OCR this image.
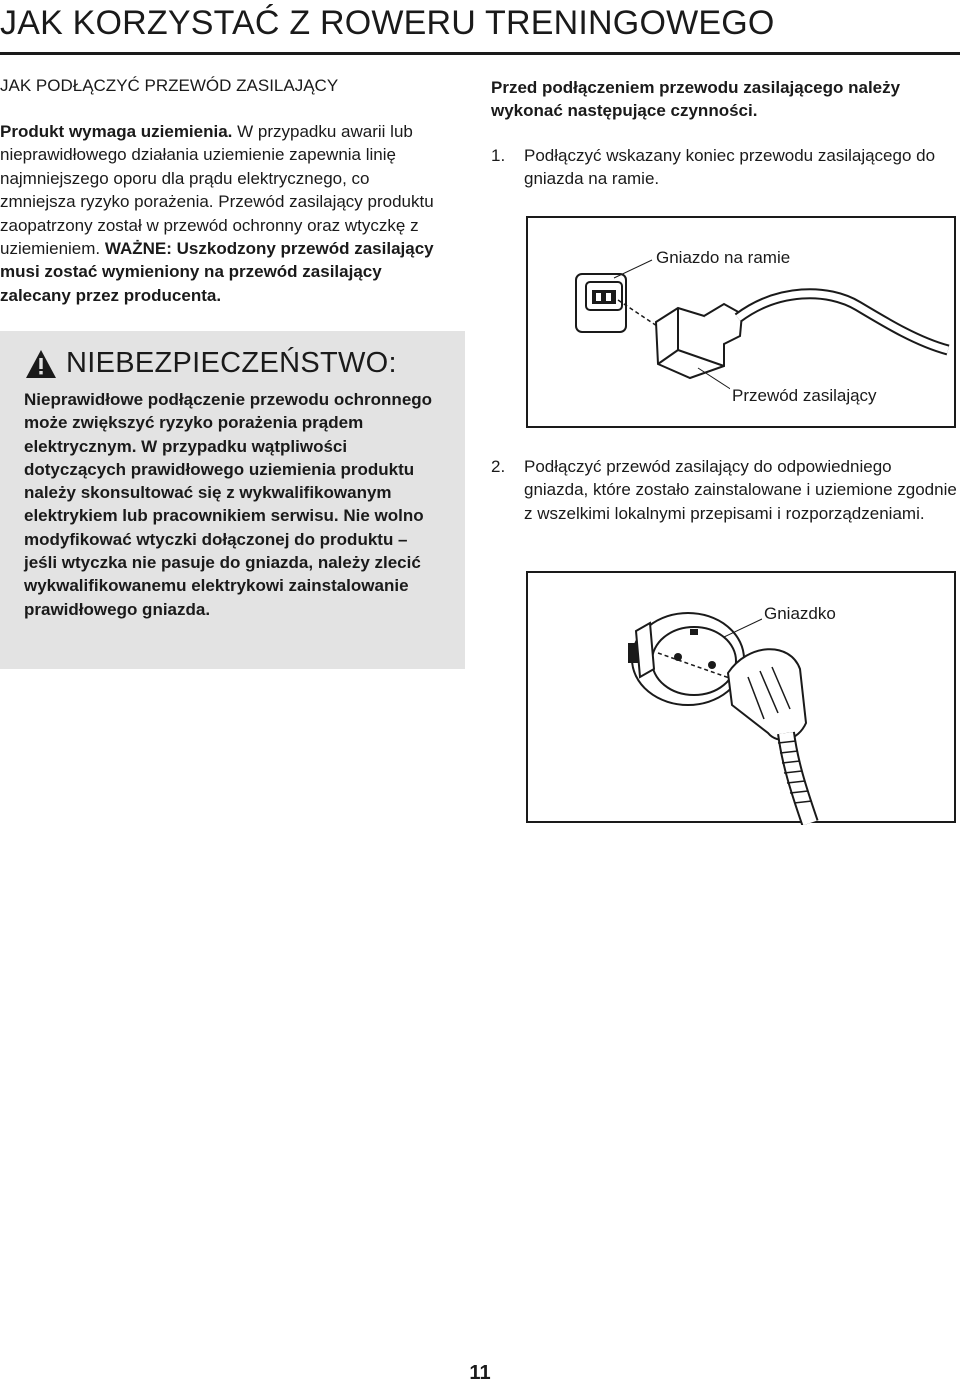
JAK KORZYSTAĆ Z ROWERU TRENINGOWEGO
JAK PODŁĄCZYĆ PRZEWÓD ZASILAJĄCY

Produkt wymaga uziemienia. W przypadku awarii lub nieprawidłowego działania uziemienie zapewnia linię najmniejszego oporu dla prądu elektrycznego, co zmniejsza ryzyko porażenia. Przewód zasilający produktu zaopatrzony został w przewód ochronny oraz wtyczkę z uziemieniem. WAŻNE: Uszkodzony przewód zasilający musi zostać wymieniony na przewód zasilający zalecany przez producenta.

NIEBEZPIECZEŃSTWO:

Nieprawidłowe podłączenie przewodu ochronnego może zwiększyć ryzyko porażenia prądem elektrycznym. W przypadku wątpliwości dotyczących prawidłowego uziemienia produktu należy skonsultować się z wykwalifikowanym elektrykiem lub pracownikiem serwisu. Nie wolno modyfikować wtyczki dołączonej do produktu – jeśli wtyczka nie pasuje do gniazda, należy zlecić wykwalifikowanemu elektrykowi zainstalowanie prawidłowego gniazda.

Przed podłączeniem przewodu zasilającego należy wykonać następujące czynności.

1.	Podłączyć wskazany koniec przewodu zasilającego do gniazda na ramie.
Gniazdo na ramie
Przewód zasilający
2.	Podłączyć przewód zasilający do odpowiedniego gniazda, które zostało zainstalowane i uziemione zgodnie z wszelkimi lokalnymi przepisami i rozporządzeniami.
Gniazdko
11
